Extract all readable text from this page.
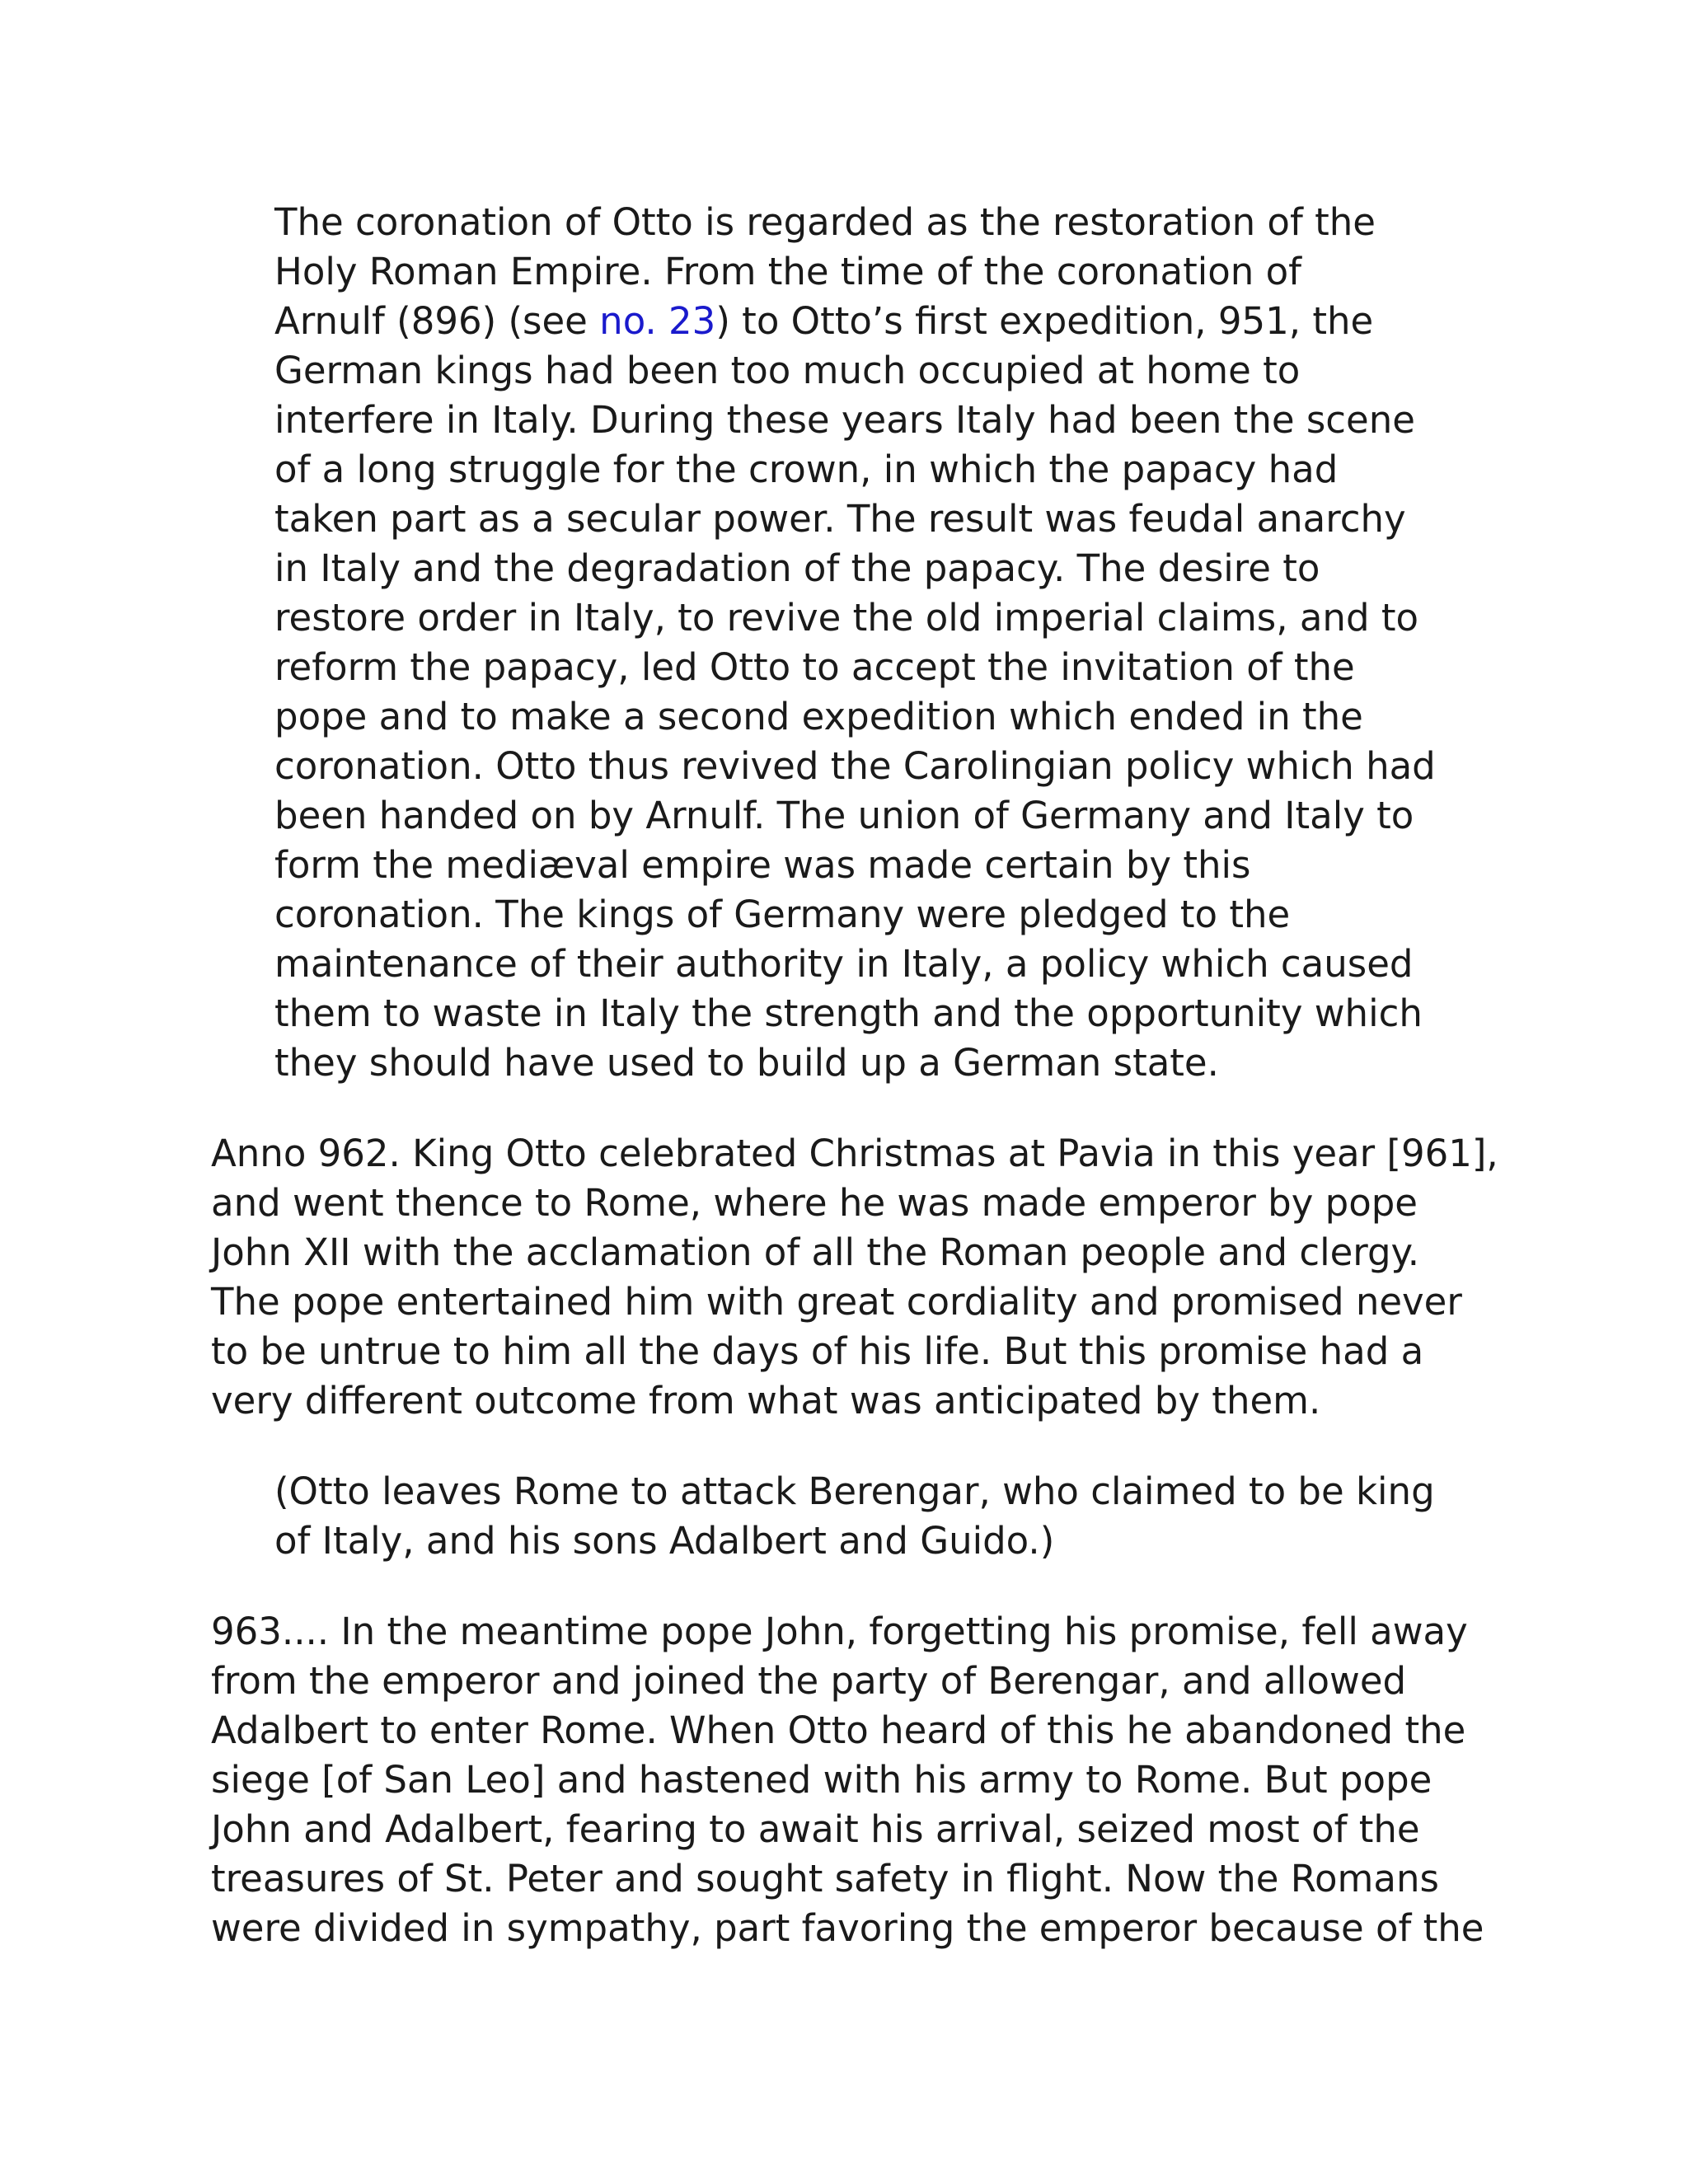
The coronation of Otto is regarded as the restoration of the
Holy Roman Empire. From the time of the coronation of
Arnulf (896) (see no. 23) to Otto’s first expedition, 951, the
German kings had been too much occupied at home to
interfere in Italy. During these years Italy had been the scene
of a long struggle for the crown, in which the papacy had
taken part as a secular power. The result was feudal anarchy
in Italy and the degradation of the papacy. The desire to
restore order in Italy, to revive the old imperial claims, and to
reform the papacy, led Otto to accept the invitation of the
pope and to make a second expedition which ended in the
coronation. Otto thus revived the Carolingian policy which had
been handed on by Arnulf. The union of Germany and Italy to
form the mediæval empire was made certain by this
coronation. The kings of Germany were pledged to the
maintenance of their authority in Italy, a policy which caused
them to waste in Italy the strength and the opportunity which
they should have used to build up a German state.

Anno 962. King Otto celebrated Christmas at Pavia in this year [961],
and went thence to Rome, where he was made emperor by pope
John XII with the acclamation of all the Roman people and clergy.
The pope entertained him with great cordiality and promised never
to be untrue to him all the days of his life. But this promise had a
very different outcome from what was anticipated by them.

(Otto leaves Rome to attack Berengar, who claimed to be king
of Italy, and his sons Adalbert and Guido.)

963.... In the meantime pope John, forgetting his promise, fell away
from the emperor and joined the party of Berengar, and allowed
Adalbert to enter Rome. When Otto heard of this he abandoned the
siege [of San Leo] and hastened with his army to Rome. But pope
John and Adalbert, fearing to await his arrival, seized most of the
treasures of St. Peter and sought safety in flight. Now the Romans
were divided in sympathy, part favoring the emperor because of the
